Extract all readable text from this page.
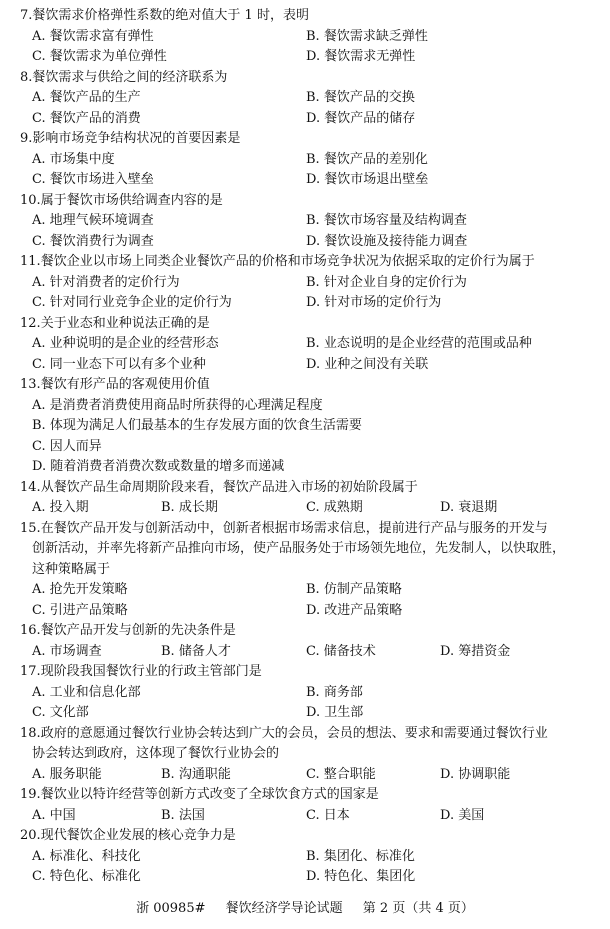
7.餐饮需求价格弹性系数的绝对值大于 1 时，表明
A. 餐饮需求富有弹性	B. 餐饮需求缺乏弹性
C. 餐饮需求为单位弹性	D. 餐饮需求无弹性
8.餐饮需求与供给之间的经济联系为
A. 餐饮产品的生产	B. 餐饮产品的交换
C. 餐饮产品的消费	D. 餐饮产品的储存
9.影响市场竞争结构状况的首要因素是
A. 市场集中度	B. 餐饮产品的差别化
C. 餐饮市场进入壁垒	D. 餐饮市场退出壁垒
10.属于餐饮市场供给调查内容的是
A. 地理气候环境调查	B. 餐饮市场容量及结构调查
C. 餐饮消费行为调查	D. 餐饮设施及接待能力调查
11.餐饮企业以市场上同类企业餐饮产品的价格和市场竞争状况为依据采取的定价行为属于
A. 针对消费者的定价行为	B. 针对企业自身的定价行为
C. 针对同行业竞争企业的定价行为	D. 针对市场的定价行为
12.关于业态和业种说法正确的是
A. 业种说明的是企业的经营形态	B. 业态说明的是企业经营的范围或品种
C. 同一业态下可以有多个业种	D. 业种之间没有关联
13.餐饮有形产品的客观使用价值
A. 是消费者消费使用商品时所获得的心理满足程度
B. 体现为满足人们最基本的生存发展方面的饮食生活需要
C. 因人而异
D. 随着消费者消费次数或数量的增多而递减
14.从餐饮产品生命周期阶段来看，餐饮产品进入市场的初始阶段属于
A. 投入期	B. 成长期	C. 成熟期	D. 衰退期
15.在餐饮产品开发与创新活动中，创新者根据市场需求信息，提前进行产品与服务的开发与
创新活动，并率先将新产品推向市场，使产品服务处于市场领先地位，先发制人，以快取胜，
这种策略属于
A. 抢先开发策略	B. 仿制产品策略
C. 引进产品策略	D. 改进产品策略
16.餐饮产品开发与创新的先决条件是
A. 市场调查	B. 储备人才	C. 储备技术	D. 筹措资金
17.现阶段我国餐饮行业的行政主管部门是
A. 工业和信息化部	B. 商务部
C. 文化部	D. 卫生部
18.政府的意愿通过餐饮行业协会转达到广大的会员，会员的想法、要求和需要通过餐饮行业
协会转达到政府，这体现了餐饮行业协会的
A. 服务职能	B. 沟通职能	C. 整合职能	D. 协调职能
19.餐饮业以特许经营等创新方式改变了全球饮食方式的国家是
A. 中国	B. 法国	C. 日本	D. 美国
20.现代餐饮企业发展的核心竞争力是
A. 标准化、科技化	B. 集团化、标准化
C. 特色化、标准化	D. 特色化、集团化
浙 00985# 餐饮经济学导论试题 第 2 页（共 4 页）
